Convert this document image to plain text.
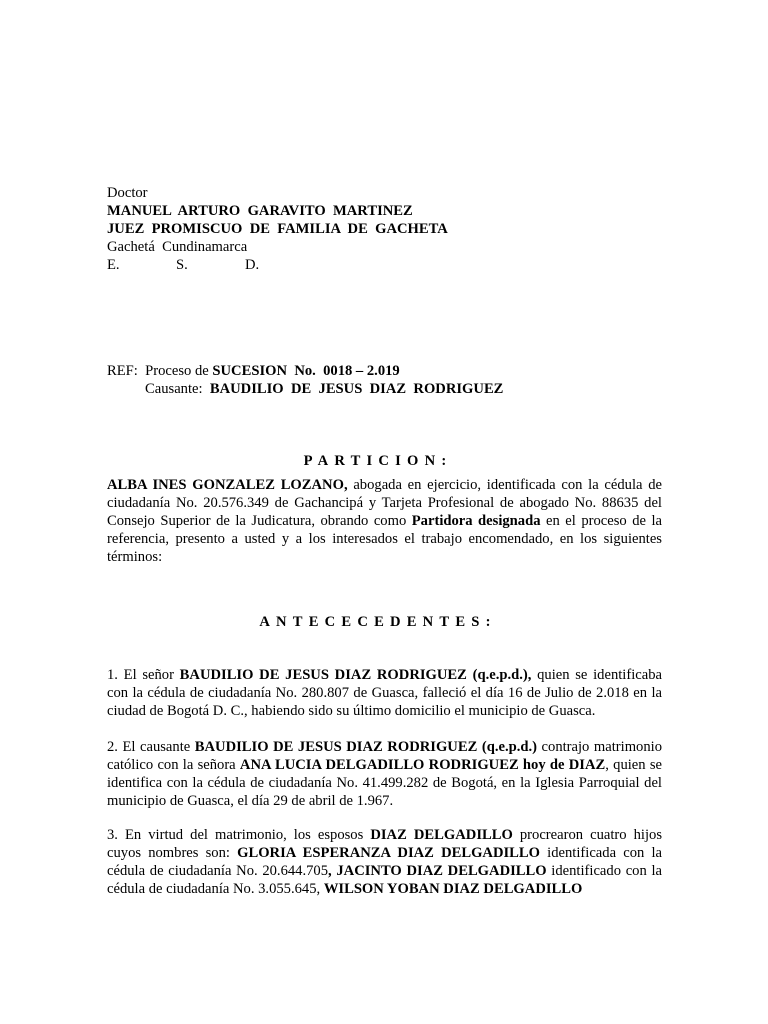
Doctor
MANUEL  ARTURO  GARAVITO  MARTINEZ
JUEZ  PROMISCUO  DE  FAMILIA  DE  GACHETA
Gachetá  Cundinamarca
E.	S.	D.
REF:  Proceso de SUCESION  No.  0018 – 2.019
Causante:  BAUDILIO  DE  JESUS  DIAZ  RODRIGUEZ
PARTICION:

ALBA INES GONZALEZ LOZANO, abogada en ejercicio, identificada con la cédula de ciudadanía No. 20.576.349 de Gachancipá y Tarjeta Profesional de abogado No. 88635 del Consejo Superior de la Judicatura, obrando como Partidora designada en el proceso de la referencia, presento a usted y a los interesados el trabajo encomendado, en los siguientes términos:

ANTECECEDENTES:

1. El señor BAUDILIO DE JESUS DIAZ RODRIGUEZ (q.e.p.d.), quien se identificaba con la cédula de ciudadanía No. 280.807 de Guasca, falleció el día 16 de Julio de 2.018 en la ciudad de Bogotá D. C., habiendo sido su último domicilio el municipio de Guasca.

2. El causante BAUDILIO DE JESUS DIAZ RODRIGUEZ (q.e.p.d.) contrajo matrimonio católico con la señora ANA LUCIA DELGADILLO RODRIGUEZ hoy de DIAZ, quien se identifica con la cédula de ciudadanía No. 41.499.282 de Bogotá, en la Iglesia Parroquial del municipio de Guasca, el día 29 de abril de 1.967.

3. En virtud del matrimonio, los esposos DIAZ DELGADILLO procrearon cuatro hijos cuyos nombres son: GLORIA ESPERANZA DIAZ DELGADILLO identificada con la cédula de ciudadanía No. 20.644.705, JACINTO DIAZ DELGADILLO identificado con la cédula de ciudadanía No. 3.055.645, WILSON YOBAN DIAZ DELGADILLO
